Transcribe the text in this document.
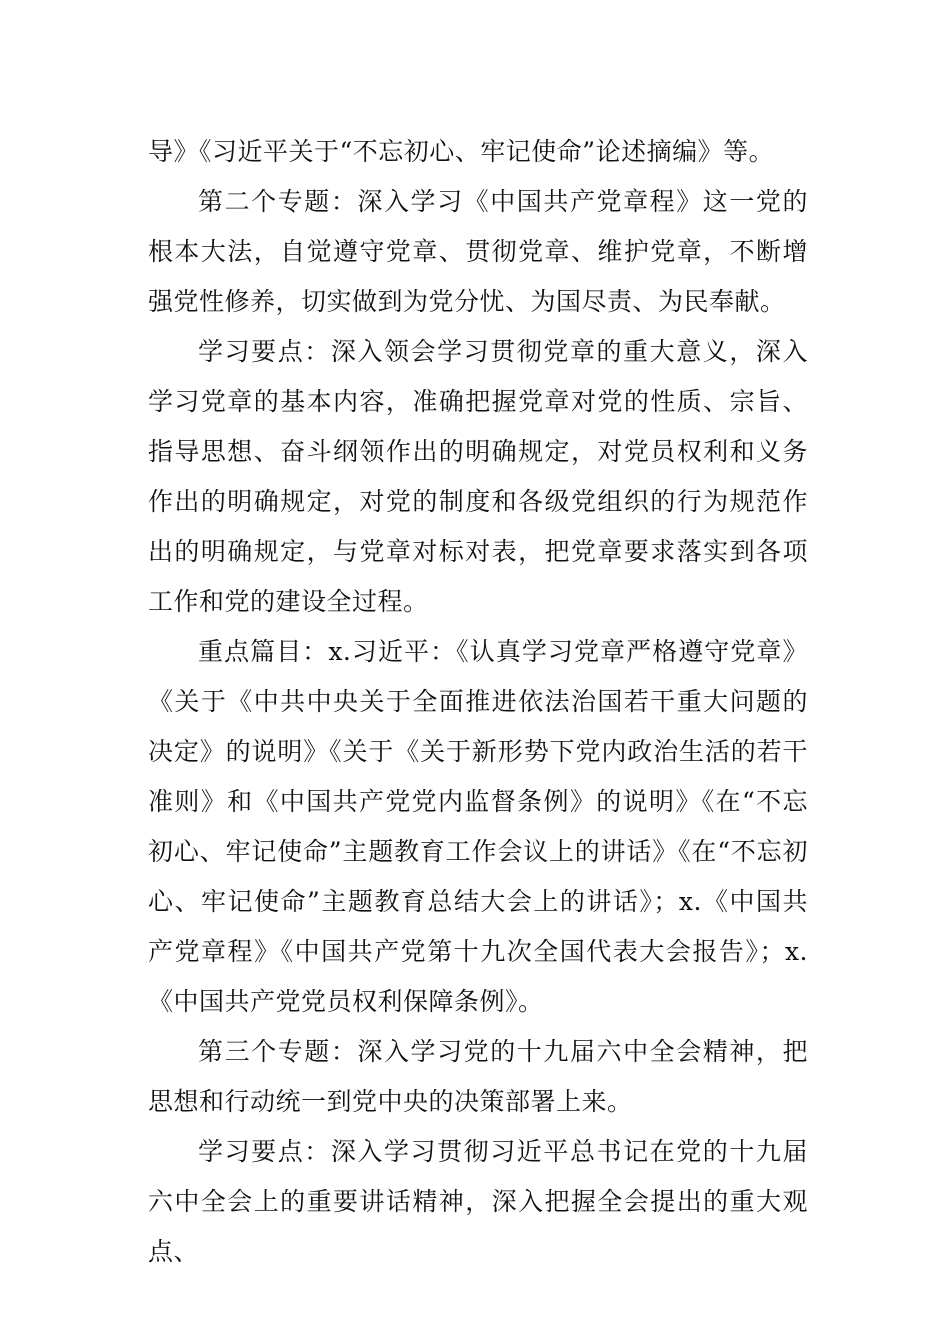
导》《习近平关于“不忘初心、牢记使命”论述摘编》等。

第二个专题：深入学习《中国共产党章程》这一党的根本大法，自觉遵守党章、贯彻党章、维护党章，不断增强党性修养，切实做到为党分忧、为国尽责、为民奉献。

学习要点：深入领会学习贯彻党章的重大意义，深入学习党章的基本内容，准确把握党章对党的性质、宗旨、指导思想、奋斗纲领作出的明确规定，对党员权利和义务作出的明确规定，对党的制度和各级党组织的行为规范作出的明确规定，与党章对标对表，把党章要求落实到各项工作和党的建设全过程。

重点篇目：x.习近平：《认真学习党章严格遵守党章》《关于《中共中央关于全面推进依法治国若干重大问题的决定》的说明》《关于《关于新形势下党内政治生活的若干准则》和《中国共产党党内监督条例》的说明》《在“不忘初心、牢记使命”主题教育工作会议上的讲话》《在“不忘初心、牢记使命”主题教育总结大会上的讲话》；x.《中国共产党章程》《中国共产党第十九次全国代表大会报告》；x.《中国共产党党员权利保障条例》。

第三个专题：深入学习党的十九届六中全会精神，把思想和行动统一到党中央的决策部署上来。

学习要点：深入学习贯彻习近平总书记在党的十九届六中全会上的重要讲话精神，深入把握全会提出的重大观点、
